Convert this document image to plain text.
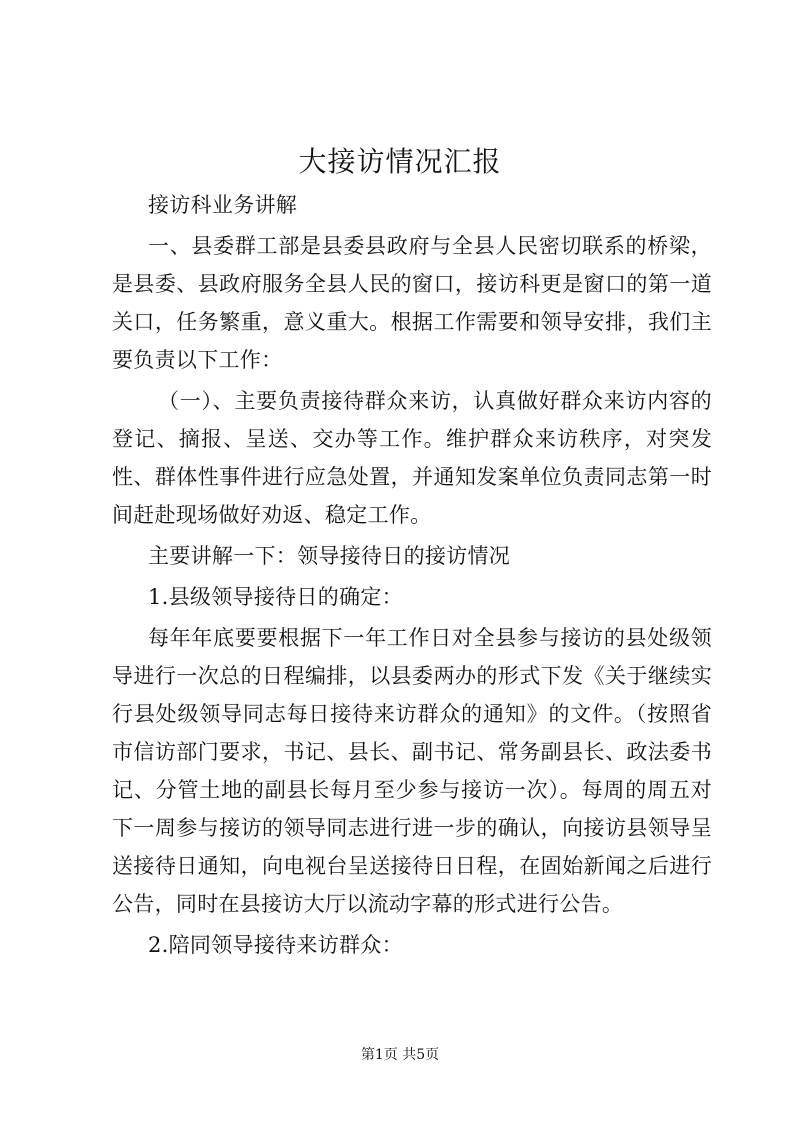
大接访情况汇报

接访科业务讲解

一、县委群工部是县委县政府与全县人民密切联系的桥梁，是县委、县政府服务全县人民的窗口，接访科更是窗口的第一道关口，任务繁重，意义重大。根据工作需要和领导安排，我们主要负责以下工作：

（一）、主要负责接待群众来访，认真做好群众来访内容的登记、摘报、呈送、交办等工作。维护群众来访秩序，对突发性、群体性事件进行应急处置，并通知发案单位负责同志第一时间赶赴现场做好劝返、稳定工作。

主要讲解一下：领导接待日的接访情况

1.县级领导接待日的确定：

每年年底要要根据下一年工作日对全县参与接访的县处级领导进行一次总的日程编排，以县委两办的形式下发《关于继续实行县处级领导同志每日接待来访群众的通知》的文件。（按照省市信访部门要求，书记、县长、副书记、常务副县长、政法委书记、分管土地的副县长每月至少参与接访一次）。每周的周五对下一周参与接访的领导同志进行进一步的确认，向接访县领导呈送接待日通知，向电视台呈送接待日日程，在固始新闻之后进行公告，同时在县接访大厅以流动字幕的形式进行公告。

2.陪同领导接待来访群众：

第1页 共5页
